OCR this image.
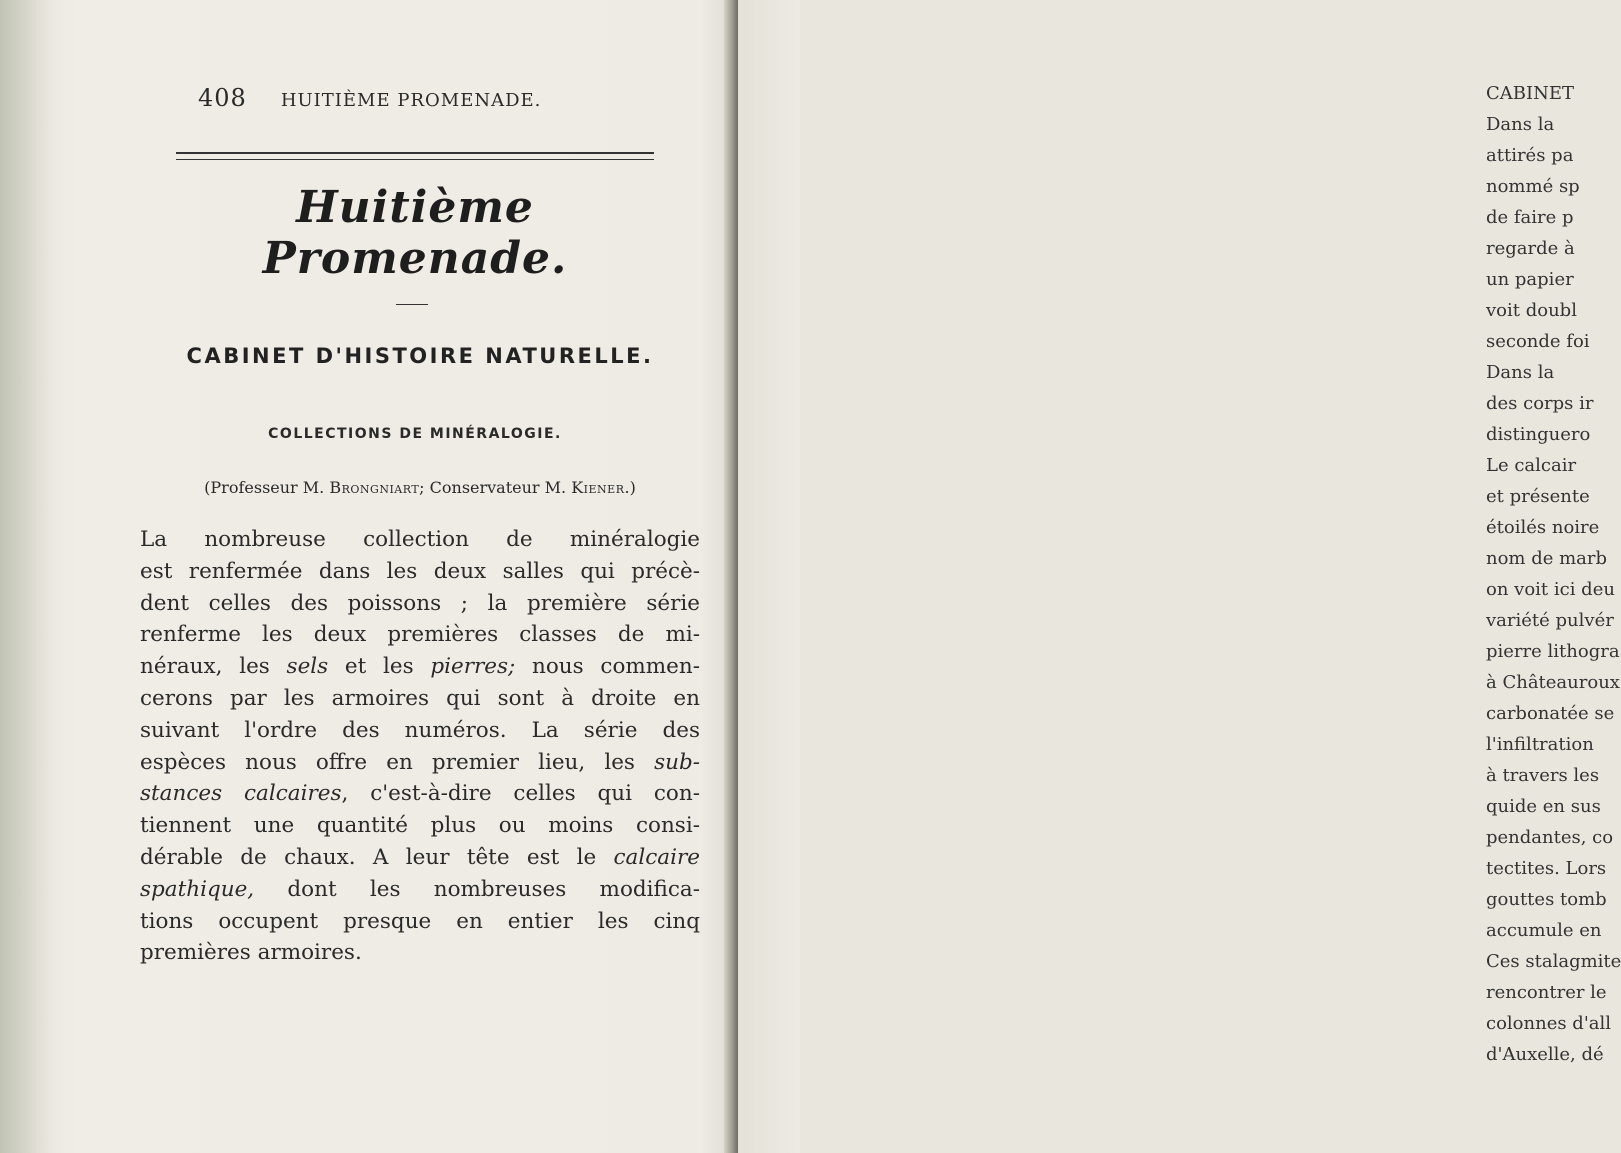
408 HUITIÈME PROMENADE.
Huitième Promenade.
CABINET D'HISTOIRE NATURELLE.
COLLECTIONS DE MINÉRALOGIE.
(Professeur M. Brongniart; Conservateur M. Kiener.)
La nombreuse collection de minéralogie
est renfermée dans les deux salles qui précè-
dent celles des poissons ; la première série
renferme les deux premières classes de mi-
néraux, les sels et les pierres; nous commen-
cerons par les armoires qui sont à droite en
suivant l'ordre des numéros. La série des
espèces nous offre en premier lieu, les sub-
stances calcaires, c'est-à-dire celles qui con-
tiennent une quantité plus ou moins consi-
dérable de chaux. A leur tête est le calcaire
spathique, dont les nombreuses modifica-
tions occupent presque en entier les cinq
premières armoires.
CABINET
Dans la
attirés pa
nommé sp
de faire p
regarde à
un papier
voit doubl
seconde foi
Dans la
des corps ir
distinguero
Le calcair
et présente
étoilés noire
nom de marb
on voit ici deu
variété pulvér
pierre lithogra
à Châteauroux
carbonatée se
l'infiltration
à travers les
quide en sus
pendantes, co
tectites. Lors
gouttes tomb
accumule en
Ces stalagmite
rencontrer le
colonnes d'all
d'Auxelle, dé
